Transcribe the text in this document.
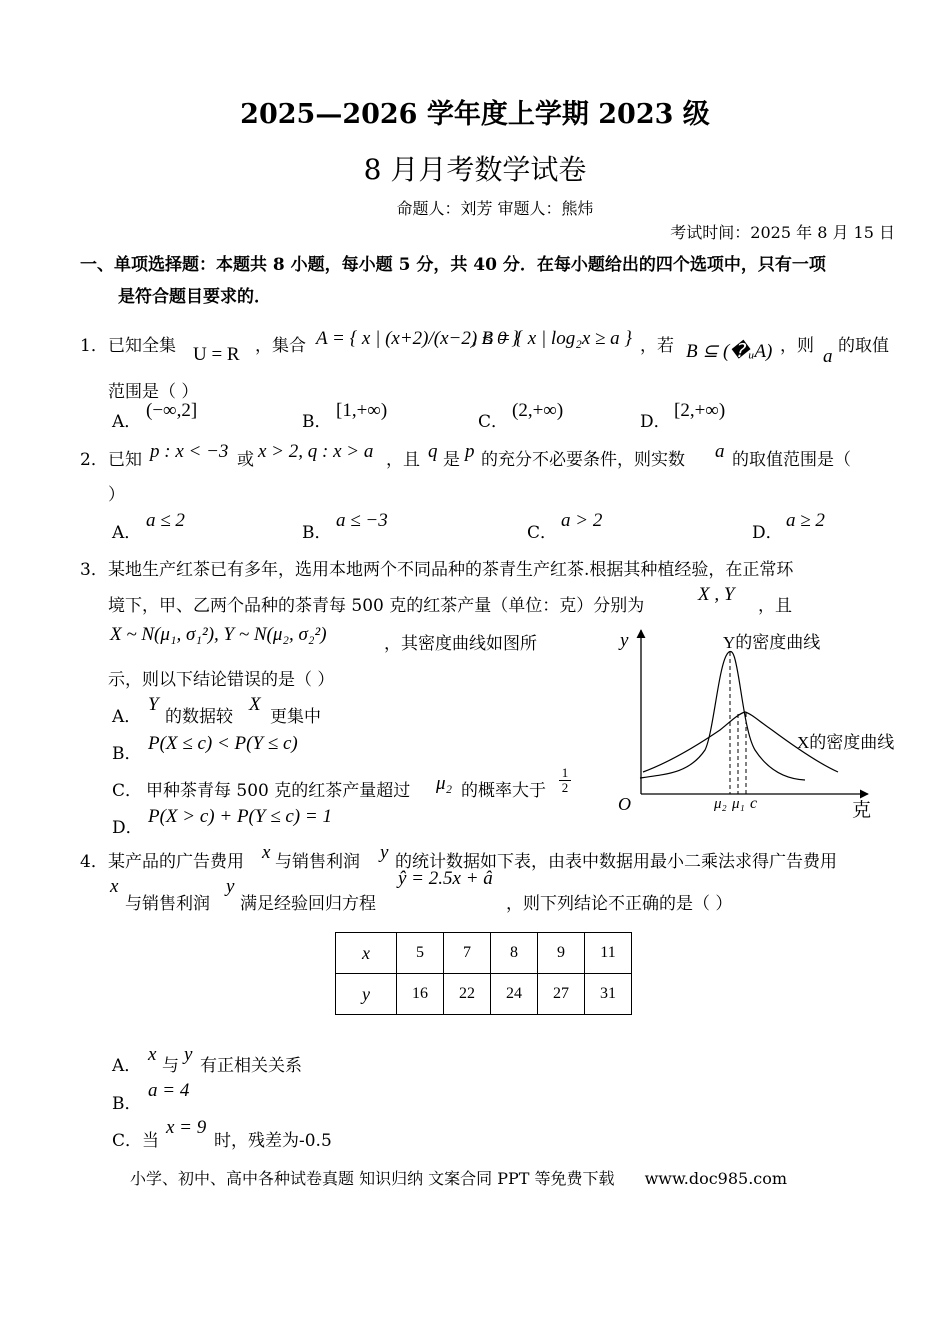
2025—2026 学年度上学期 2023 级
8 月月考数学试卷
命题人：刘芳 审题人：熊炜
考试时间：2025 年 8 月 15 日
一、单项选择题：本题共 8 小题，每小题 5 分，共 40 分．在每小题给出的四个选项中，只有一项
是符合题目要求的．
1． 已知全集 U = R ，集合 A = { x | (x+2)/(x−2) ≤ 0 }
, B = { x | log₂x ≥ a } ，若 B ⊆ (�ᵤA) ，则 a 的取值
范围是（ ）
A．
(−∞,2]
B．
[1,+∞)
C．
(2,+∞)
D．
[2,+∞)
2． 已知 p : x < −3 或 x > 2, q : x > a ，且 q 是 p 的充分不必要条件，则实数 a 的取值范围是（
）
A．
a ≤ 2
B．
a ≤ −3
C．
a > 2
D．
a ≥ 2
3． 某地生产红茶已有多年，选用本地两个不同品种的茶青生产红茶.根据其种植经验，在正常环
境下，甲、乙两个品种的茶青每 500 克的红茶产量（单位：克）分别为
X , Y
，且
X ~ N(μ₁, σ₁²), Y ~ N(μ₂, σ₂²)	，其密度曲线如图所
示，则以下结论错误的是（ ）
A．
Y
的数据较
X
更集中
B． P(X ≤ c) < P(Y ≤ c)
C． 甲种茶青每 500 克的红茶产量超过 μ₂ 的概率大于 $\frac{1}{2}$
D．
P(X > c) + P(Y ≤ c) = 1
y
克
O	μ₂ μ₁ c
Y的密度曲线
X的密度曲线
4． 某产品的广告费用 x 与销售利润 y 的统计数据如下表，由表中数据用最小二乘法求得广告费用
x
与销售利润
y
满足经验回归方程
ŷ = 2.5x + â
，则下列结论不正确的是（ ）
x	5	7	8	9	11
y	16	22	24	27	31
A．
x
与
y
有正相关关系
B．
a = 4
C．当
x = 9
时，残差为-0.5
小学、初中、高中各种试卷真题 知识归纳 文案合同 PPT 等免费下载 www.doc985.com
